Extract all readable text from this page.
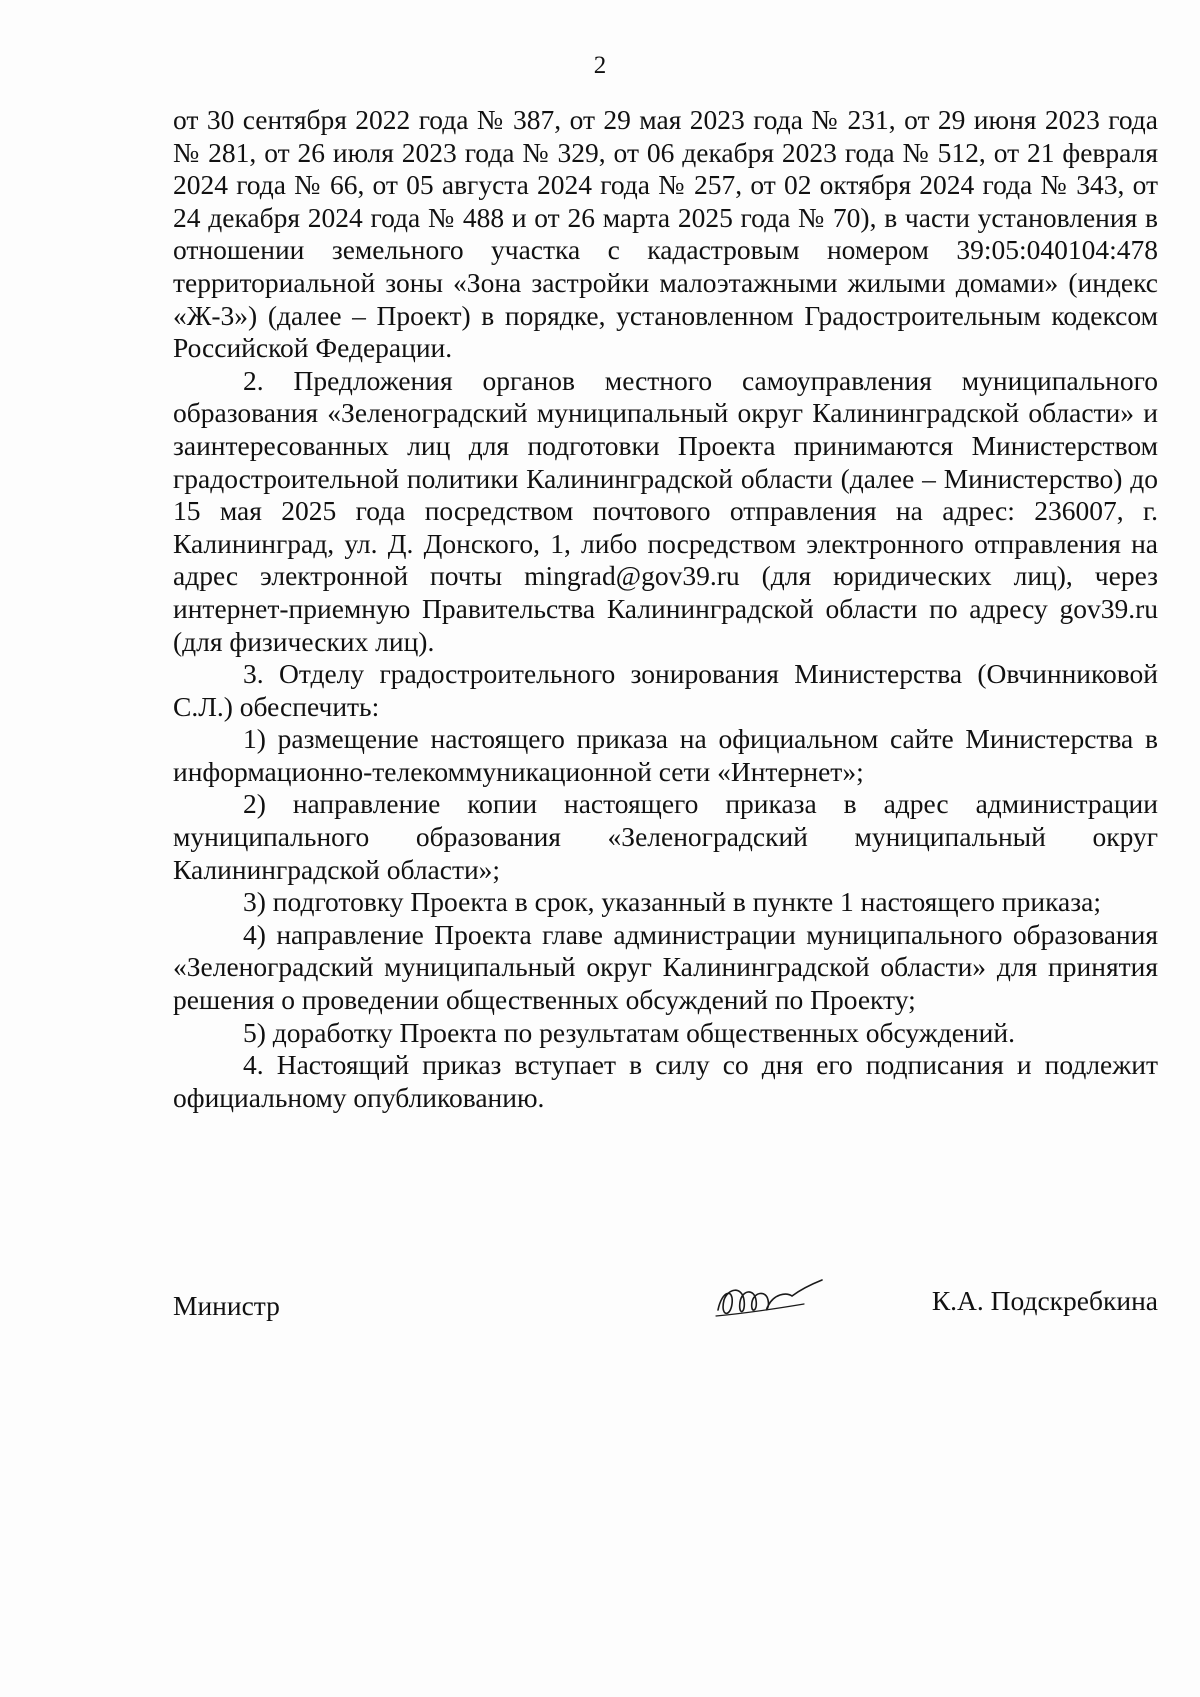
2

от 30 сентября 2022 года № 387, от 29 мая 2023 года № 231, от 29 июня 2023 года № 281, от 26 июля 2023 года № 329, от 06 декабря 2023 года № 512, от 21 февраля 2024 года № 66, от 05 августа 2024 года № 257, от 02 октября 2024 года № 343, от 24 декабря 2024 года № 488 и от 26 марта 2025 года № 70), в части установления в отношении земельного участка с кадастровым номером 39:05:040104:478 территориальной зоны «Зона застройки малоэтажными жилыми домами» (индекс «Ж-3») (далее – Проект) в порядке, установленном Градостроительным кодексом Российской Федерации.

2. Предложения органов местного самоуправления муниципального образования «Зеленоградский муниципальный округ Калининградской области» и заинтересованных лиц для подготовки Проекта принимаются Министерством градостроительной политики Калининградской области (далее – Министерство) до 15 мая 2025 года посредством почтового отправления на адрес: 236007, г. Калининград, ул. Д. Донского, 1, либо посредством электронного отправления на адрес электронной почты mingrad@gov39.ru (для юридических лиц), через интернет-приемную Правительства Калининградской области по адресу gov39.ru (для физических лиц).

3. Отделу градостроительного зонирования Министерства (Овчинниковой С.Л.) обеспечить:

1) размещение настоящего приказа на официальном сайте Министерства в информационно-телекоммуникационной сети «Интернет»;

2) направление копии настоящего приказа в адрес администрации муниципального образования «Зеленоградский муниципальный округ Калининградской области»;

3) подготовку Проекта в срок, указанный в пункте 1 настоящего приказа;

4) направление Проекта главе администрации муниципального образования «Зеленоградский муниципальный округ Калининградской области» для принятия решения о проведении общественных обсуждений по Проекту;

5) доработку Проекта по результатам общественных обсуждений.

4. Настоящий приказ вступает в силу со дня его подписания и подлежит официальному опубликованию.

Министр	К.А. Подскребкина
